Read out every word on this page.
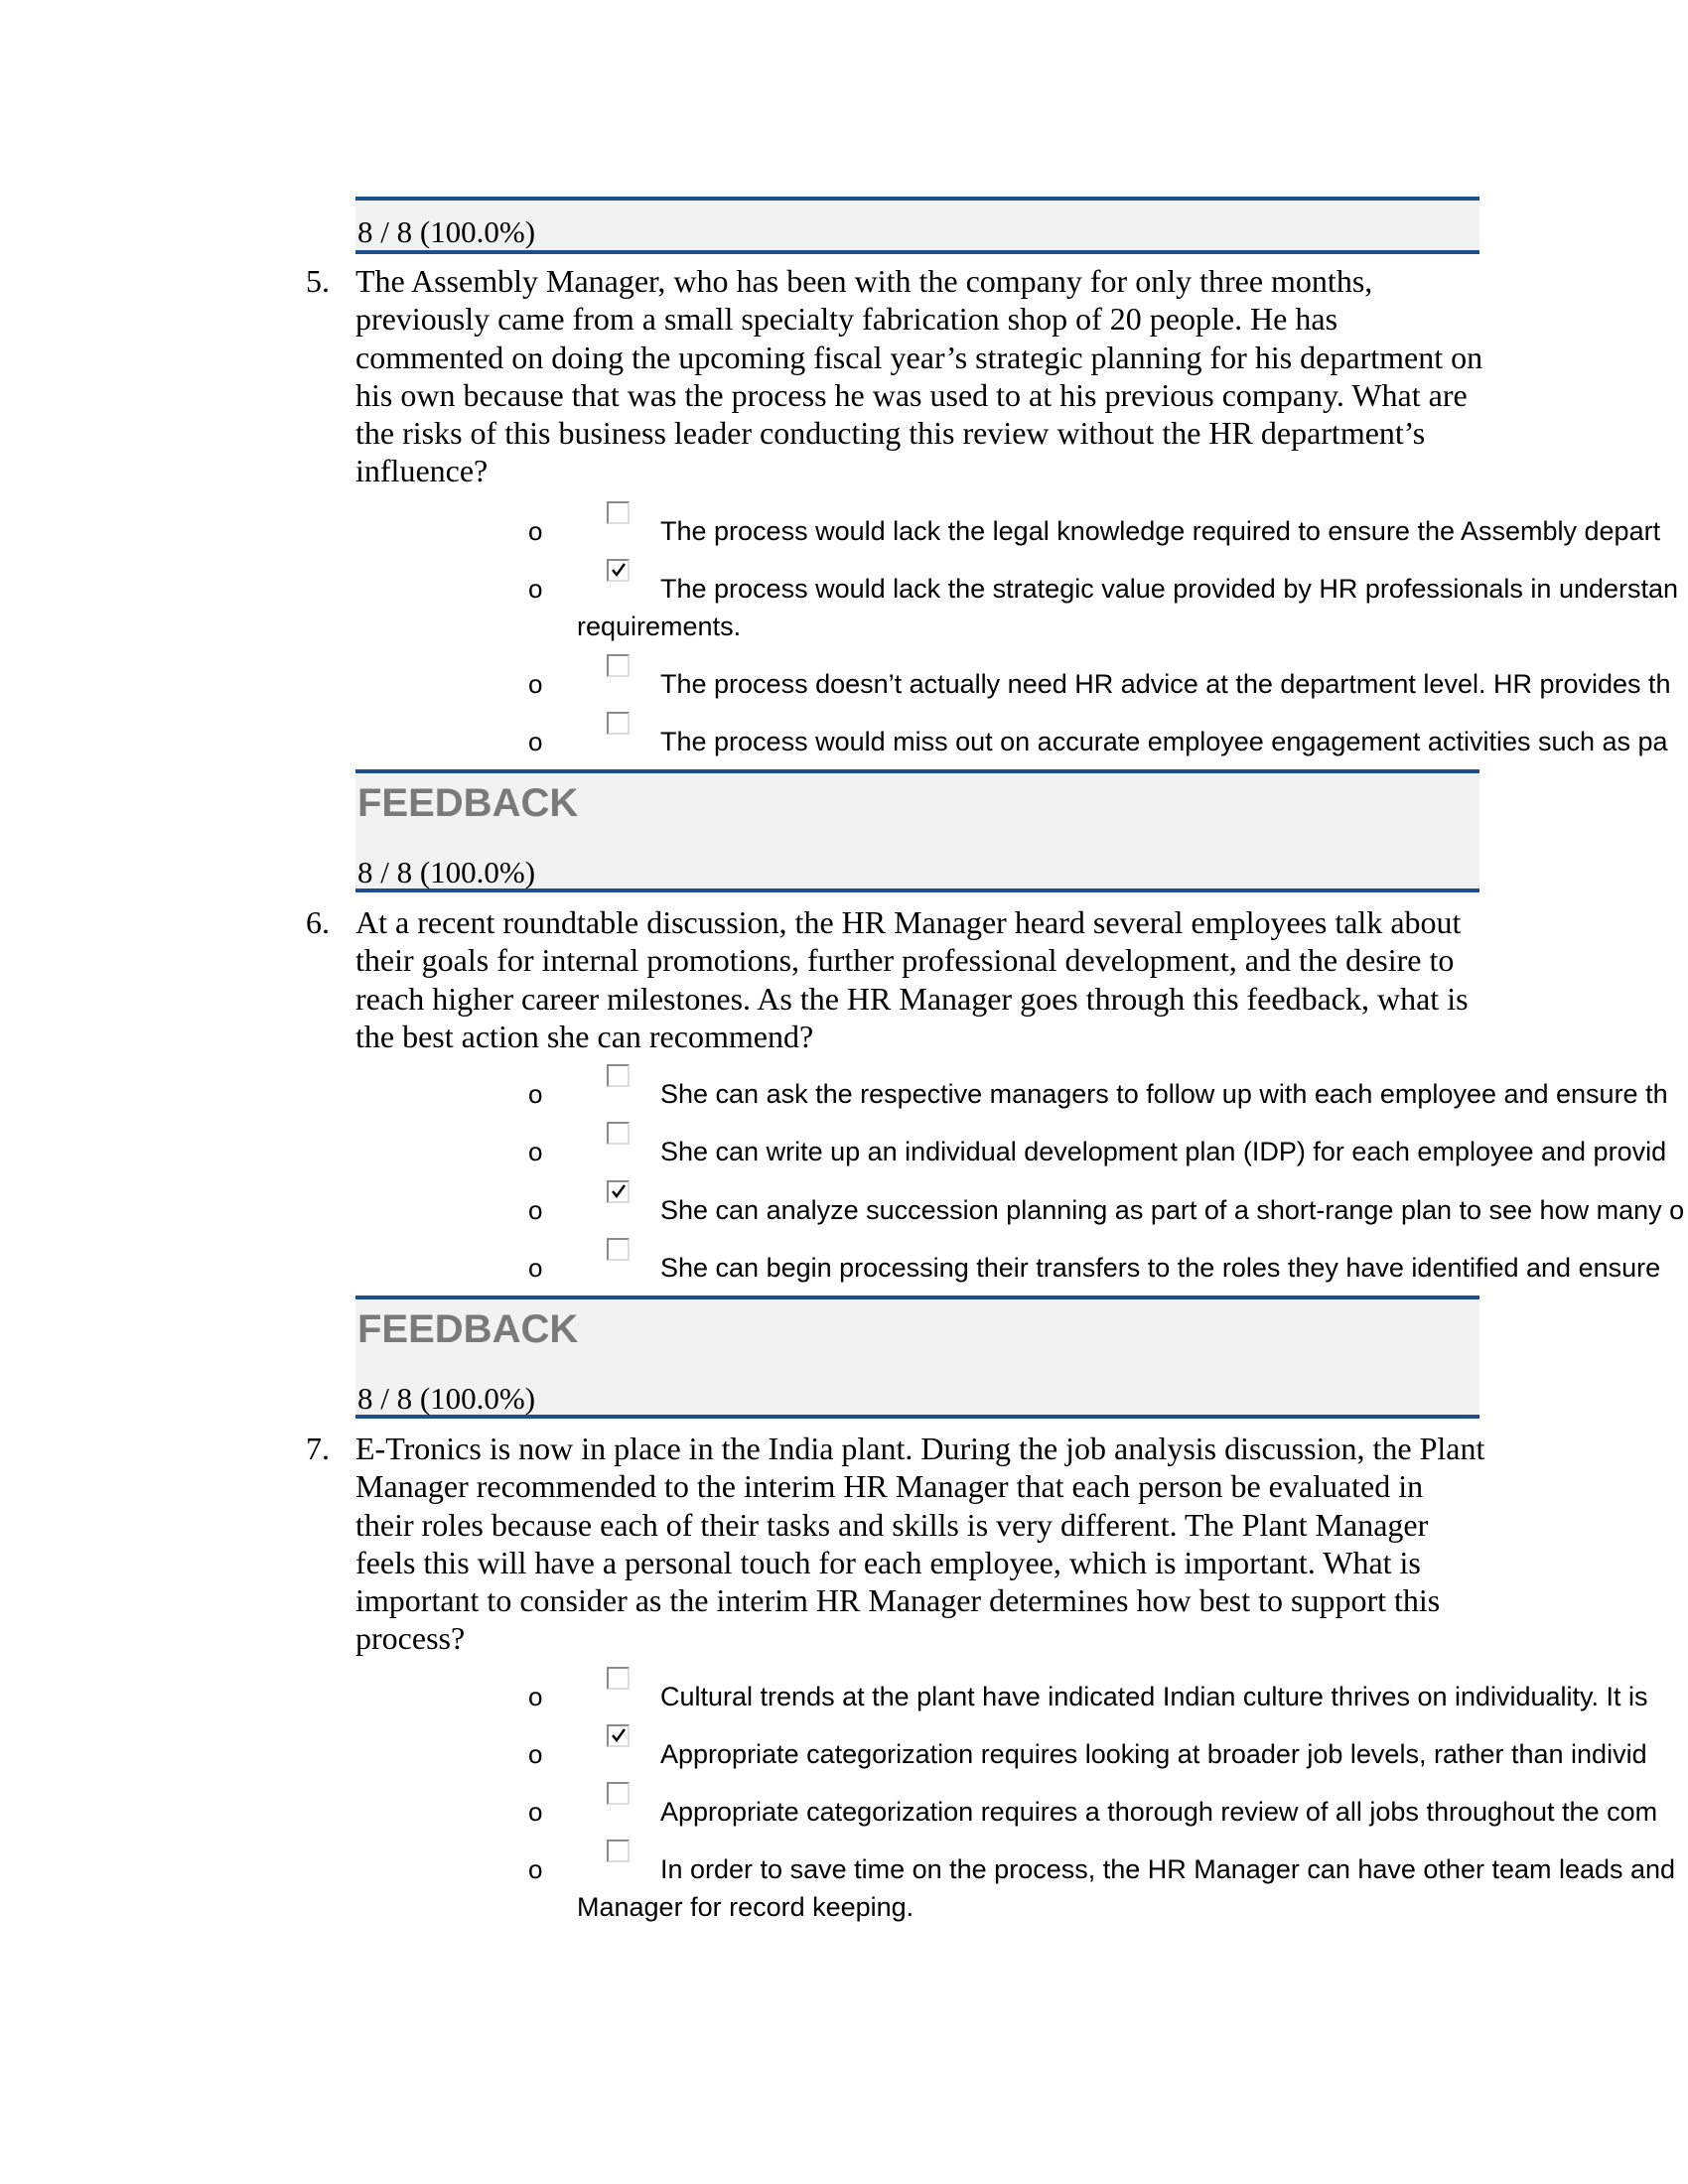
8 / 8 (100.0%)
5. The Assembly Manager, who has been with the company for only three months, previously came from a small specialty fabrication shop of 20 people. He has commented on doing the upcoming fiscal year’s strategic planning for his department on his own because that was the process he was used to at his previous company. What are the risks of this business leader conducting this review without the HR department’s influence?
o	The process would lack the legal knowledge required to ensure the Assembly depart
o	The process would lack the strategic value provided by HR professionals in understan
requirements.
o	The process doesn’t actually need HR advice at the department level. HR provides th
o	The process would miss out on accurate employee engagement activities such as pa
FEEDBACK
8 / 8 (100.0%)
6. At a recent roundtable discussion, the HR Manager heard several employees talk about their goals for internal promotions, further professional development, and the desire to reach higher career milestones. As the HR Manager goes through this feedback, what is the best action she can recommend?
o	She can ask the respective managers to follow up with each employee and ensure th
o	She can write up an individual development plan (IDP) for each employee and provid
o	She can analyze succession planning as part of a short-range plan to see how many o
o	She can begin processing their transfers to the roles they have identified and ensure
FEEDBACK
8 / 8 (100.0%)
7. E-Tronics is now in place in the India plant. During the job analysis discussion, the Plant Manager recommended to the interim HR Manager that each person be evaluated in their roles because each of their tasks and skills is very different. The Plant Manager feels this will have a personal touch for each employee, which is important. What is important to consider as the interim HR Manager determines how best to support this process?
o	Cultural trends at the plant have indicated Indian culture thrives on individuality. It is
o	Appropriate categorization requires looking at broader job levels, rather than individ
o	Appropriate categorization requires a thorough review of all jobs throughout the com
o	In order to save time on the process, the HR Manager can have other team leads and
Manager for record keeping.
